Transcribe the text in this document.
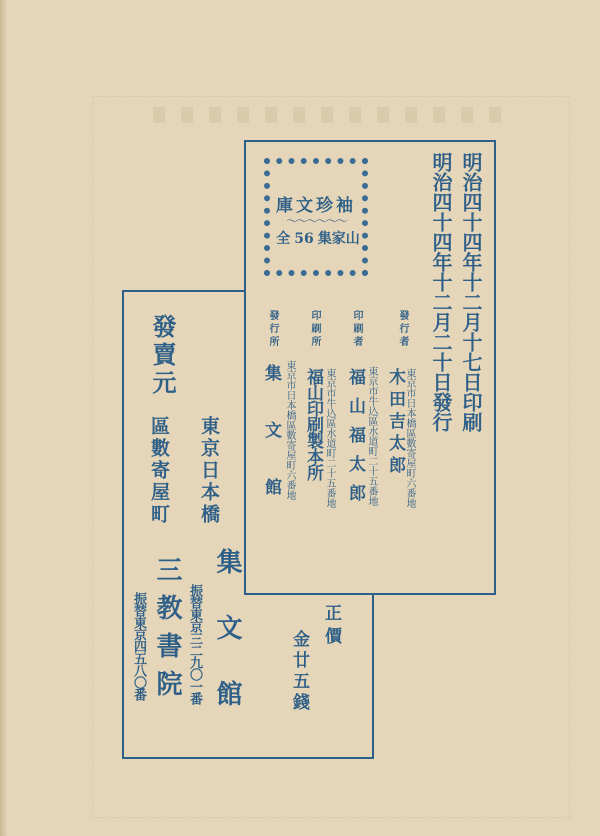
發賣元
東京日本橋
區數寄屋町
集文館
振替東京三二九〇一番
三教書院
振替東京四五八〇番
袖珍文庫
～～～～～～
全 山家集56	明治四十四年十二月十七日印刷
明治四十四年十二月二十日發行
發行者
東京市日本橋區數寄屋町六番地
木田吉太郎
印刷者
東京市牛込區水道町二十五番地
福山福太郎
印刷所
東京市牛込區水道町二十五番地
福山印刷製本所
發行所
東京市日本橋區數寄屋町六番地
集文館
正價
金廿五錢
